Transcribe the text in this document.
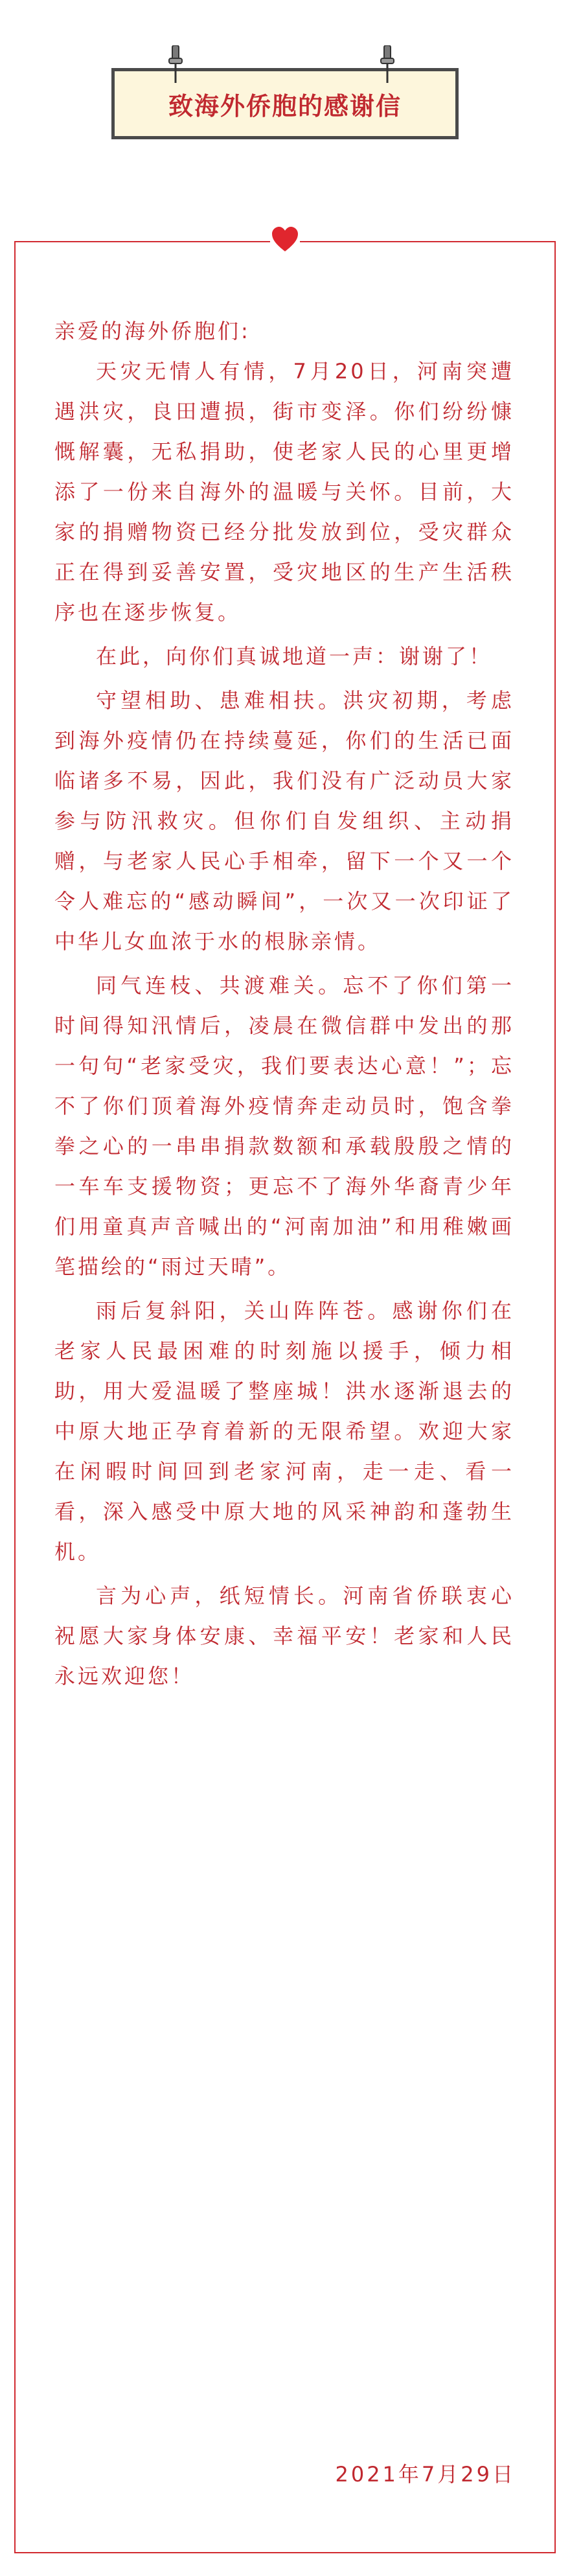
致海外侨胞的感谢信

亲爱的海外侨胞们:

天灾无情人有情，7月20日，河南突遭遇洪灾，良田遭损，街市变泽。你们纷纷慷慨解囊，无私捐助，使老家人民的心里更增添了一份来自海外的温暖与关怀。目前，大家的捐赠物资已经分批发放到位，受灾群众正在得到妥善安置，受灾地区的生产生活秩序也在逐步恢复。

在此，向你们真诚地道一声：谢谢了！

守望相助、患难相扶。洪灾初期，考虑到海外疫情仍在持续蔓延，你们的生活已面临诸多不易，因此，我们没有广泛动员大家参与防汛救灾。但你们自发组织、主动捐赠，与老家人民心手相牵，留下一个又一个令人难忘的“感动瞬间”，一次又一次印证了中华儿女血浓于水的根脉亲情。

同气连枝、共渡难关。忘不了你们第一时间得知汛情后，凌晨在微信群中发出的那一句句“老家受灾，我们要表达心意！”；忘不了你们顶着海外疫情奔走动员时，饱含拳拳之心的一串串捐款数额和承载殷殷之情的一车车支援物资；更忘不了海外华裔青少年们用童真声音喊出的“河南加油”和用稚嫩画笔描绘的“雨过天晴”。

雨后复斜阳，关山阵阵苍。感谢你们在老家人民最困难的时刻施以援手，倾力相助，用大爱温暖了整座城！洪水逐渐退去的中原大地正孕育着新的无限希望。欢迎大家在闲暇时间回到老家河南，走一走、看一看，深入感受中原大地的风采神韵和蓬勃生机。

言为心声，纸短情长。河南省侨联衷心祝愿大家身体安康、幸福平安！老家和人民永远欢迎您！

2021年7月29日
